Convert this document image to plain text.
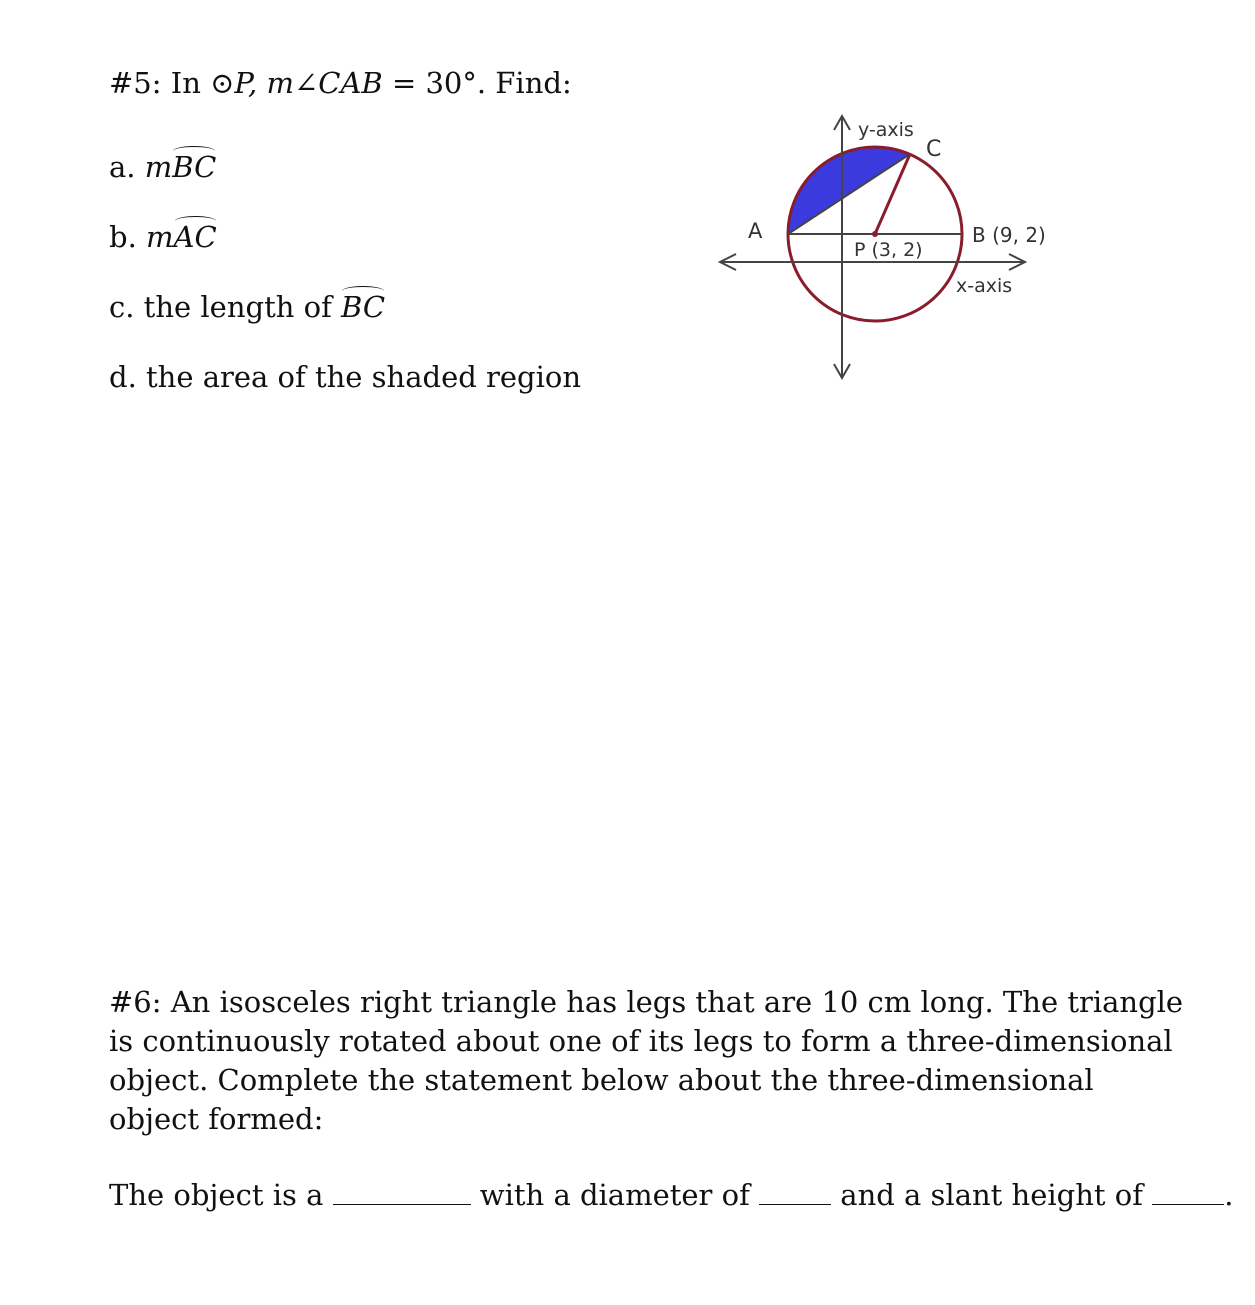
#5: In ⊙P, m∠CAB = 30°. Find:
a. mBC
b. mAC
c. the length of BC
d. the area of the shaded region
y-axis
x-axis
A	B (9, 2)
C
P (3, 2)
#6: An isosceles right triangle has legs that are 10 cm long. The triangle is continuously rotated about one of its legs to form a three-dimensional object. Complete the statement below about the three-dimensional object formed:
The object is a	with a diameter of  and a slant height of .
